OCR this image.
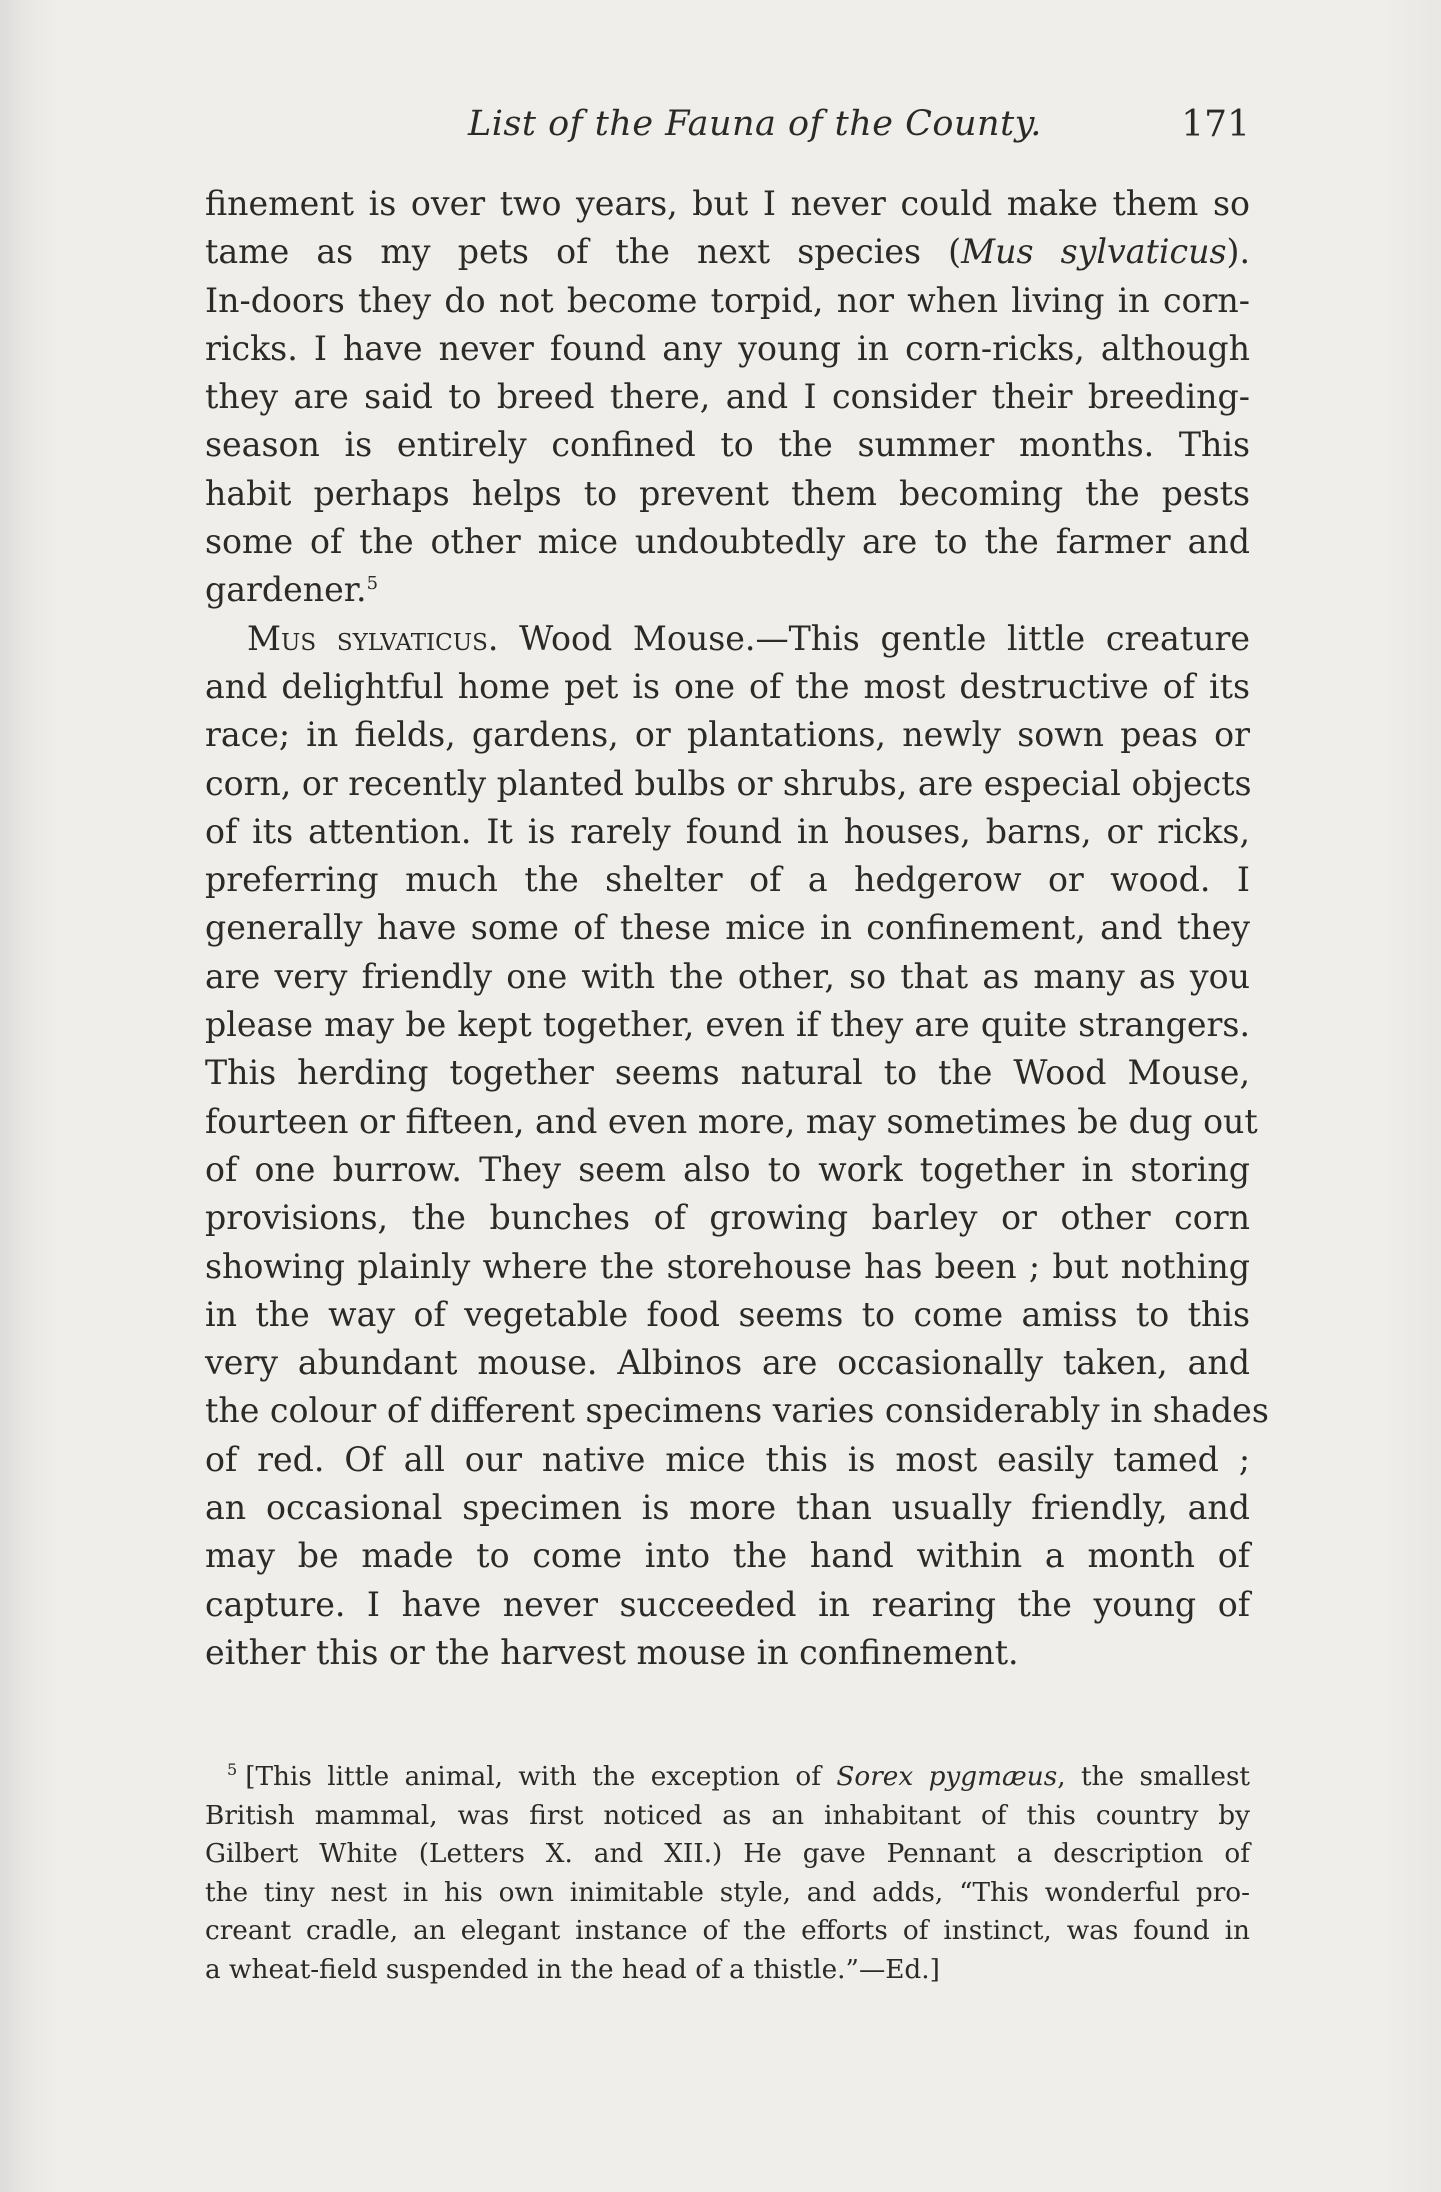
List of the Fauna of the County.	171
finement is over two years, but I never could make them so
tame as my pets of the next species (Mus sylvaticus).
In-doors they do not become torpid, nor when living in corn-
ricks. I have never found any young in corn-ricks, although
they are said to breed there, and I consider their breeding-
season is entirely confined to the summer months. This
habit perhaps helps to prevent them becoming the pests
some of the other mice undoubtedly are to the farmer and
gardener.$^5$
Mus sylvaticus. Wood Mouse.—This gentle little creature
and delightful home pet is one of the most destructive of its
race; in fields, gardens, or plantations, newly sown peas or
corn, or recently planted bulbs or shrubs, are especial objects
of its attention. It is rarely found in houses, barns, or ricks,
preferring much the shelter of a hedgerow or wood. I
generally have some of these mice in confinement, and they
are very friendly one with the other, so that as many as you
please may be kept together, even if they are quite strangers.
This herding together seems natural to the Wood Mouse,
fourteen or fifteen, and even more, may sometimes be dug out
of one burrow. They seem also to work together in storing
provisions, the bunches of growing barley or other corn
showing plainly where the storehouse has been ; but nothing
in the way of vegetable food seems to come amiss to this
very abundant mouse. Albinos are occasionally taken, and
the colour of different specimens varies considerably in shades
of red. Of all our native mice this is most easily tamed ;
an occasional specimen is more than usually friendly, and
may be made to come into the hand within a month of
capture. I have never succeeded in rearing the young of
either this or the harvest mouse in confinement.
$^5$ [This little animal, with the exception of Sorex pygmæus, the smallest
British mammal, was first noticed as an inhabitant of this country by
Gilbert White (Letters X. and XII.) He gave Pennant a description of
the tiny nest in his own inimitable style, and adds, “This wonderful pro-
creant cradle, an elegant instance of the efforts of instinct, was found in
a wheat-field suspended in the head of a thistle.”—Ed.]
